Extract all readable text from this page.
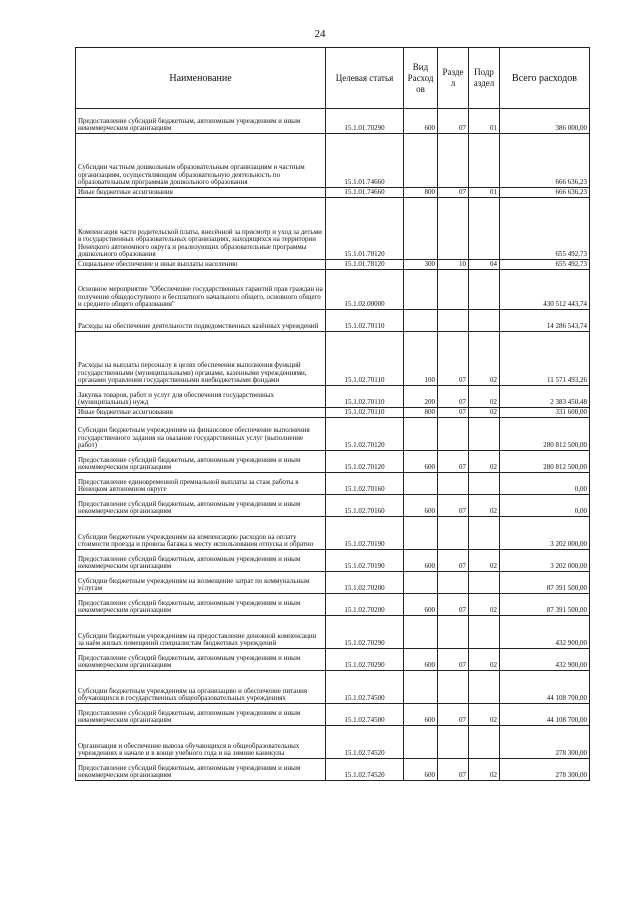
24
Наименование	Целевая статья	Вид Расход ов	Разде л	Подр аздел	Всего расходов
Предоставление субсидий бюджетным, автономным учреждениям и иным некоммерческим организациям	15.1.01.70290	600	07	01	386 000,00
Субсидии частным дошкольным образовательным организациям и частным организациям, осуществляющим образовательную деятельность по образовательным программам дошкольного образования	15.1.01.74660				666 636,23
Иные бюджетные ассигнования	15.1.01.74660	800	07	01	666 636,23
Компенсация части родительской платы, внесённой за присмотр и уход за детьми в государственных образовательных организациях, находящихся на территории Ненецкого автономного округа и реализующих образовательные программы дошкольного образования	15.1.01.78120				655 492,73
Социальное обеспечение и иные выплаты населению	15.1.01.78120	300	10	04	655 492,73
Основное мероприятие "Обеспечение государственных гарантий прав граждан на получение общедоступного и бесплатного начального общего, основного общего и среднего общего образования"	15.1.02.00000				430 512 443,74
Расходы на обеспечение деятельности подведомственных казённых учреждений	15.1.02.70110				14 286 543,74
Расходы на выплаты персоналу в целях обеспечения выполнения функций государственными (муниципальными) органами, казенными учреждениями, органами управления государственными внебюджетными фондами	15.1.02.70110	100	07	02	11 571 493,26
Закупка товаров, работ и услуг для обеспечения государственных (муниципальных) нужд	15.1.02.70110	200	07	02	2 383 450,48
Иные бюджетные ассигнования	15.1.02.70110	800	07	02	331 600,00
Субсидии бюджетным учреждениям на финансовое обеспечение выполнения государственного задания на оказание государственных услуг (выполнение работ)	15.1.02.70120				280 812 500,00
Предоставление субсидий бюджетным, автономным учреждениям и иным некоммерческим организациям	15.1.02.70120	600	07	02	280 812 500,00
Предоставление единовременной премиальной выплаты за стаж работы в Ненецком автономном округе	15.1.02.70160				0,00
Предоставление субсидий бюджетным, автономным учреждениям и иным некоммерческим организациям	15.1.02.70160	600	07	02	0,00
Субсидии бюджетным учреждениям на компенсацию расходов на оплату стоимости проезда и провоза багажа к месту использования отпуска и обратно	15.1.02.70190				3 202 000,00
Предоставление субсидий бюджетным, автономным учреждениям и иным некоммерческим организациям	15.1.02.70190	600	07	02	3 202 000,00
Субсидии бюджетным учреждениям на возмещение затрат по коммунальным услугам	15.1.02.70200				87 391 500,00
Предоставление субсидий бюджетным, автономным учреждениям и иным некоммерческим организациям	15.1.02.70200	600	07	02	87 391 500,00
Субсидии бюджетным учреждениям на предоставление денежной компенсации за наём жилых помещений специалистам бюджетных учреждений	15.1.02.70290				432 900,00
Предоставление субсидий бюджетным, автономным учреждениям и иным некоммерческим организациям	15.1.02.70290	600	07	02	432 900,00
Субсидии бюджетным учреждениям на организацию и обеспечение питания обучающихся в государственных общеобразовательных учреждениях	15.1.02.74500				44 108 700,00
Предоставление субсидий бюджетным, автономным учреждениям и иным некоммерческим организациям	15.1.02.74500	600	07	02	44 108 700,00
Организация и обеспечение вывоза обучающихся в общеобразовательных учреждениях в начале и в конце учебного года и на зимние каникулы	15.1.02.74520				278 300,00
Предоставление субсидий бюджетным, автономным учреждениям и иным некоммерческим организациям	15.1.02.74520	600	07	02	278 300,00
